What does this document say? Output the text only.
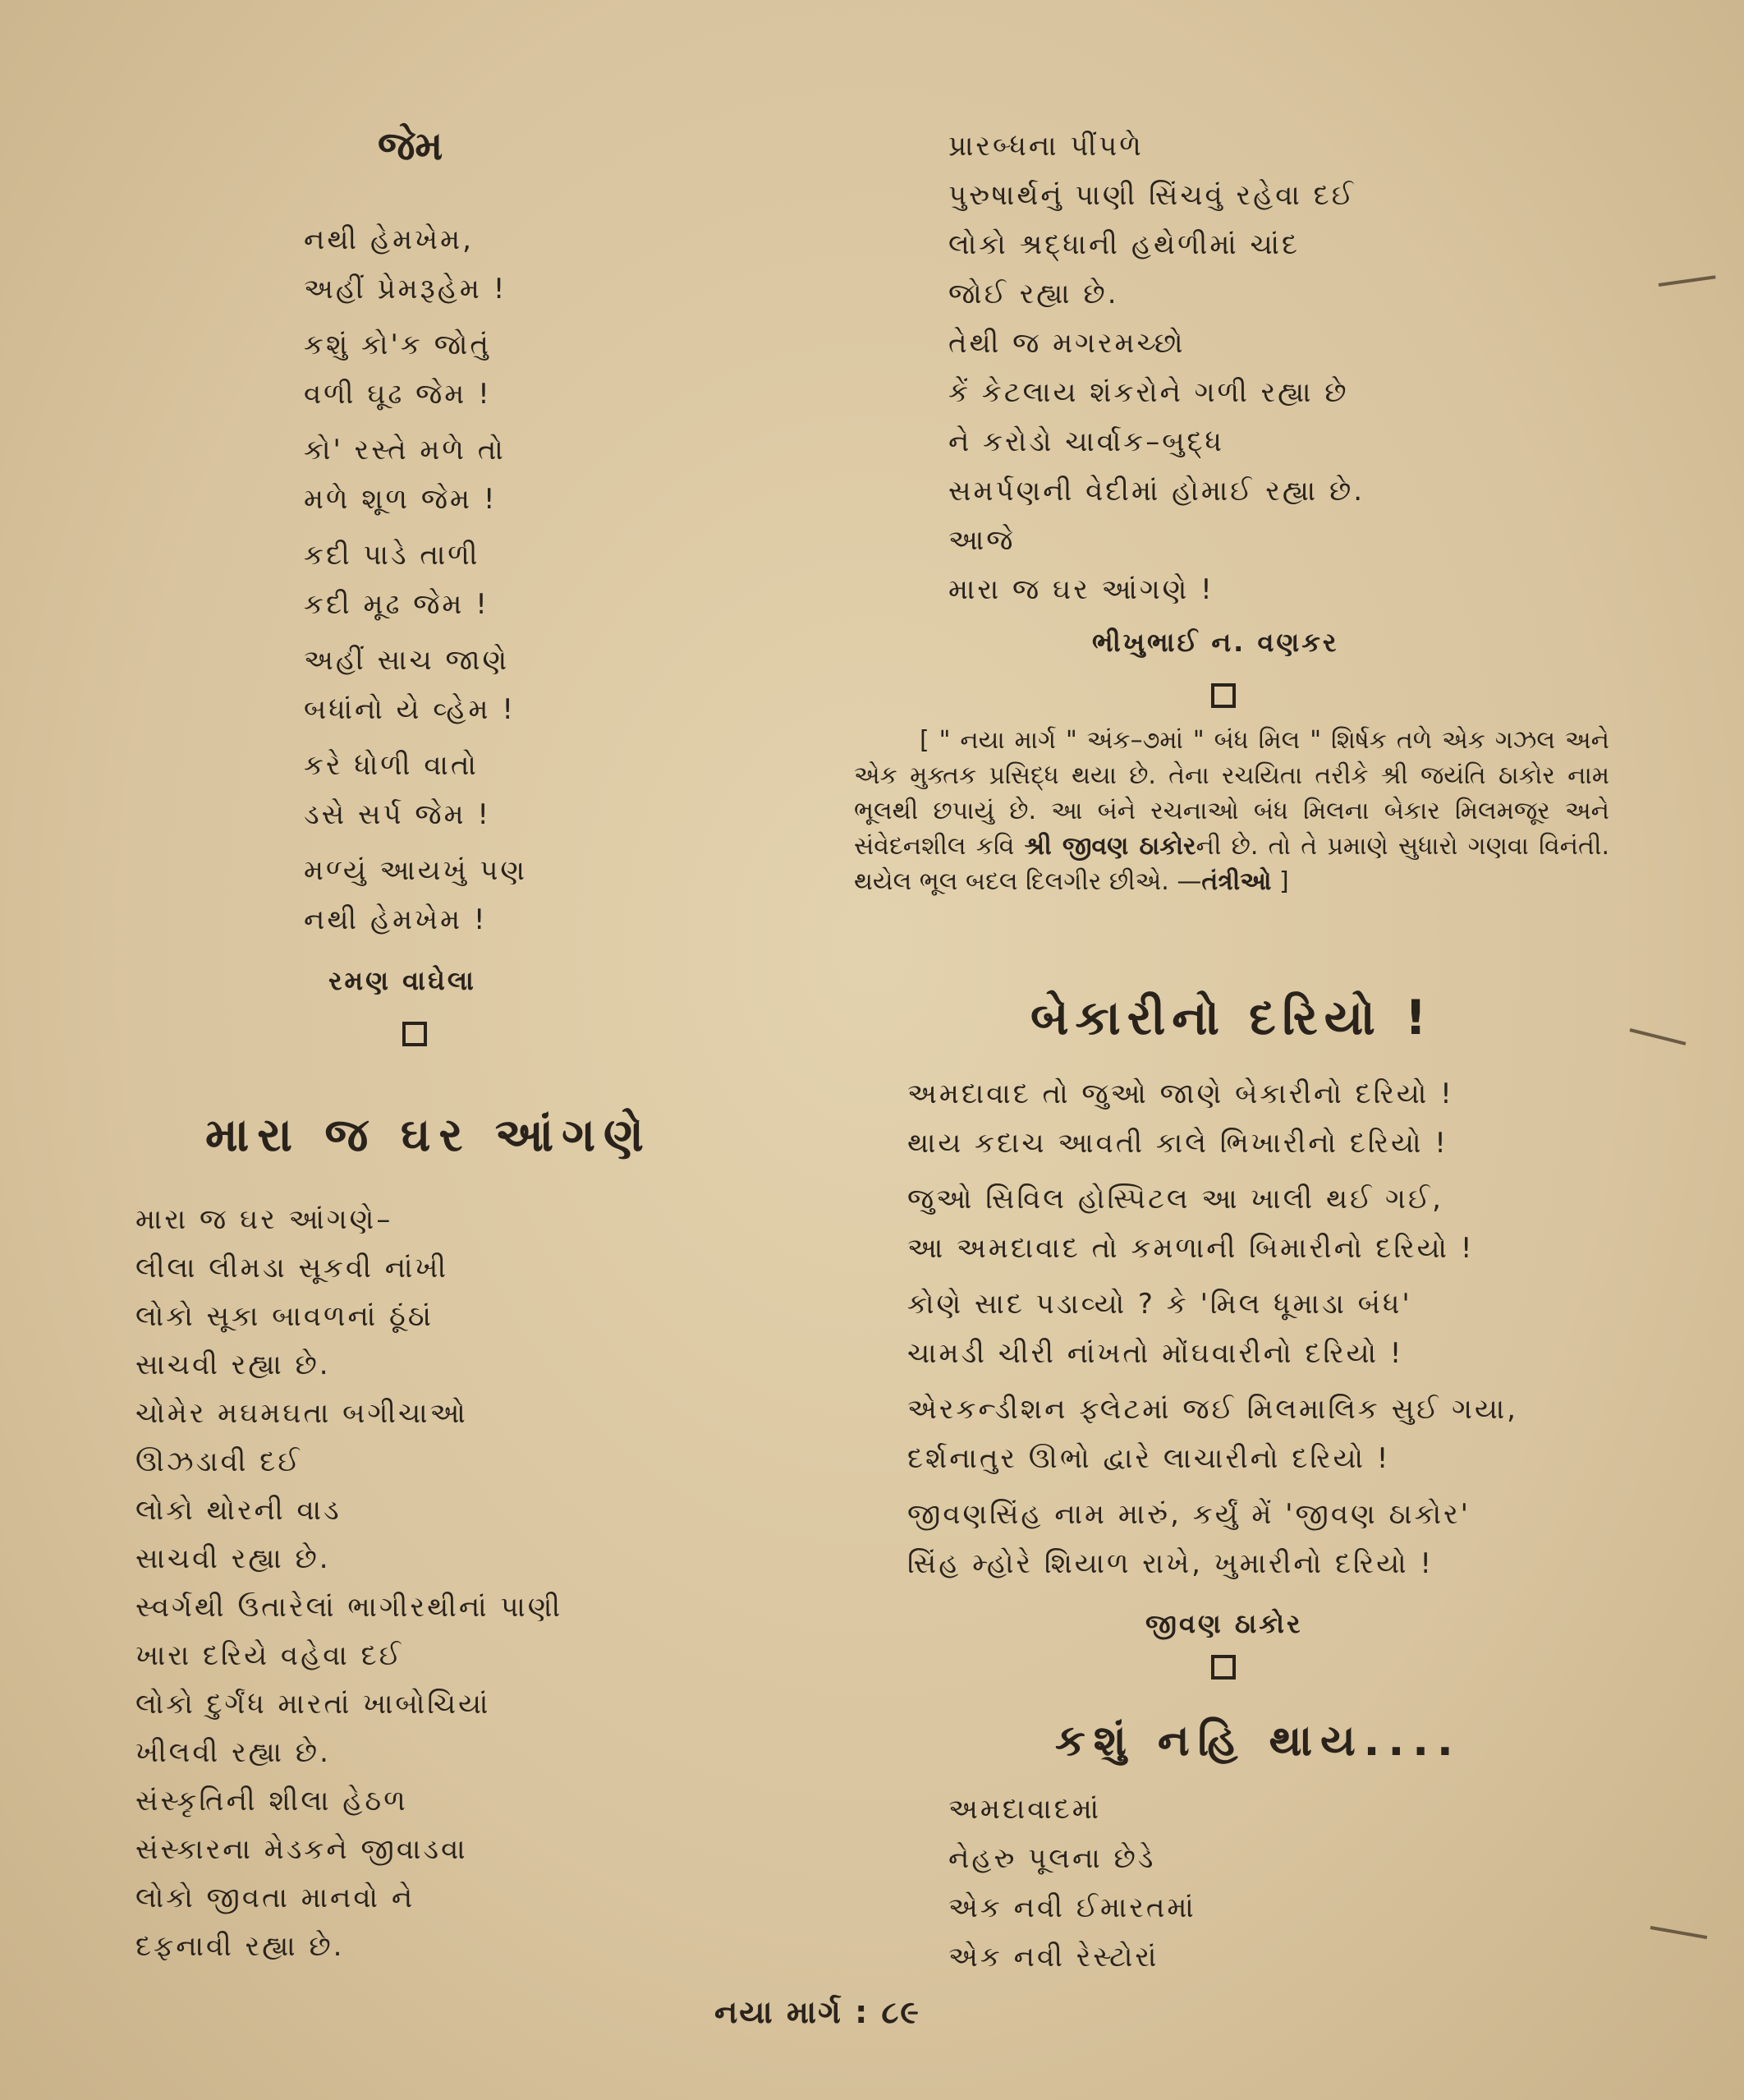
જેમ
નથી હેમખેમ,
અહીં પ્રેમરૂહેમ !
કશું કો'ક જોતું
વળી ઘૂઢ જેમ !
કો' રસ્તે મળે તો
મળે શૂળ જેમ !
કદી પાડે તાળી
કદી મૂઢ જેમ !
અહીં સાચ જાણે
બધાંનો યે વ્હેમ !
કરે ધોળી વાતો
ડસે સર્પ જેમ !
મળ્યું આયખું પણ
નથી હેમખેમ !
રમણ વાઘેલા
મારા જ ઘર આંગણે
મારા જ ઘર આંગણે–
લીલા લીમડા સૂકવી નાંખી
લોકો સૂકા બાવળનાં ઠૂંઠાં
સાચવી રહ્યા છે.
ચોમેર મઘમઘતા બગીચાઓ
ઊઝડાવી દઈ
લોકો થોરની વાડ
સાચવી રહ્યા છે.
સ્વર્ગથી ઉતારેલાં ભાગીરથીનાં પાણી
ખારા દરિયે વહેવા દઈ
લોકો દુર્ગંધ મારતાં ખાબોચિયાં
ખીલવી રહ્યા છે.
સંસ્કૃતિની શીલા હેઠળ
સંસ્કારના મેડકને જીવાડવા
લોકો જીવતા માનવો ને
દફનાવી રહ્યા છે.
પ્રારબ્ધના પીંપળે
પુરુષાર્થનું પાણી સિંચવું રહેવા દઈ
લોકો શ્રદ્ધાની હથેળીમાં ચાંદ
જોઈ રહ્યા છે.
તેથી જ મગરમચ્છો
કેં કેટલાય શંકરોને ગળી રહ્યા છે
ને કરોડો ચાર્વાક–બુદ્ધ
સમર્પણની વેદીમાં હોમાઈ રહ્યા છે.
આજે
મારા જ ઘર આંગણે !
ભીખુભાઈ ન. વણકર
[ " નયા માર્ગ " અંક–૭માં " બંધ મિલ " શિર્ષક તળે એક ગઝલ અને એક મુક્તક પ્રસિદ્ધ થયા છે. તેના રચયિતા તરીકે શ્રી જયંતિ ઠાકોર નામ ભૂલથી છપાયું છે. આ બંને રચનાઓ બંધ મિલના બેકાર મિલમજૂર અને સંવેદનશીલ કવિ શ્રી જીવણ ઠાકોરની છે. તો તે પ્રમાણે સુધારો ગણવા વિનંતી. થયેલ ભૂલ બદલ દિલગીર છીએ. —તંત્રીઓ ]
બેકારીનો દરિયો !
અમદાવાદ તો જુઓ જાણે બેકારીનો દરિયો !
થાય કદાચ આવતી કાલે ભિખારીનો દરિયો !
જુઓ સિવિલ હોસ્પિટલ આ ખાલી થઈ ગઈ,
આ અમદાવાદ તો કમળાની બિમારીનો દરિયો !
કોણે સાદ પડાવ્યો ? કે 'મિલ ધૂમાડા બંધ'
ચામડી ચીરી નાંખતો મોંઘવારીનો દરિયો !
એરકન્ડીશન ફ્લેટમાં જઈ મિલમાલિક સુઈ ગયા,
દર્શનાતુર ઊભો દ્વારે લાચારીનો દરિયો !
જીવણસિંહ નામ મારું, કર્યું મેં 'જીવણ ઠાકોર'
સિંહ મ્હોરે શિયાળ રાખે, ખુમારીનો દરિયો !
જીવણ ઠાકોર
કશું નહિ થાય....
અમદાવાદમાં
નેહરુ પૂલના છેડે
એક નવી ઈમારતમાં
એક નવી રેસ્ટોરાં
નયા માર્ગ : ૮૯
